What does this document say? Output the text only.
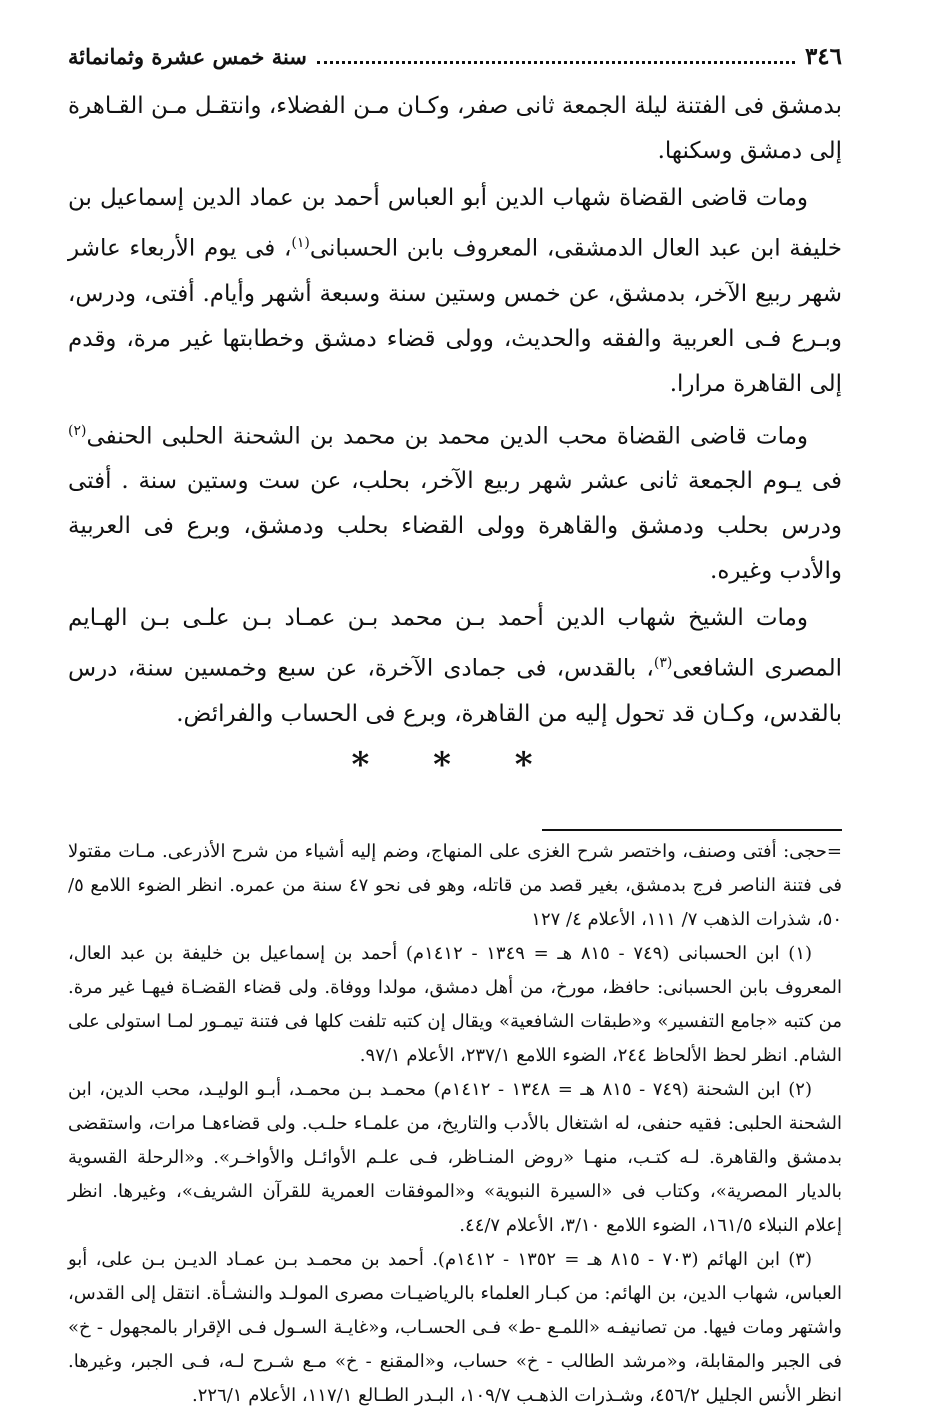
٣٤٦
سنة خمس عشرة وثمانمائة

بدمشق فى الفتنة ليلة الجمعة ثانى صفر، وكـان مـن الفضلاء، وانتقـل مـن القـاهرة إلى دمشق وسكنها.

ومات قاضى القضاة شهاب الدين أبو العباس أحمد بن عماد الدين إسماعيل بن خليفة ابن عبد العال الدمشقى، المعروف بابن الحسبانى$^{(١)}$، فى يوم الأربعاء عاشر شهر ربيع الآخر، بدمشق، عن خمس وستين سنة وسبعة أشهر وأيام. أفتى، ودرس، وبـرع فـى العربية والفقه والحديث، وولى قضاء دمشق وخطابتها غير مرة، وقدم إلى القاهرة مرارا.

ومات قاضى القضاة محب الدين محمد بن محمد بن الشحنة الحلبى الحنفى$^{(٢)}$ فى يـوم الجمعة ثانى عشر شهر ربيع الآخر، بحلب، عن ست وستين سنة . أفتى ودرس بحلب ودمشق والقاهرة وولى القضاء بحلب ودمشق، وبرع فى العربية والأدب وغيره.

ومات الشيخ شهاب الدين أحمد بـن محمد بـن عمـاد بـن علـى بـن الهـايم المصرى الشافعى$^{(٣)}$، بالقدس، فى جمادى الآخرة، عن سبع وخمسين سنة، درس بالقدس، وكـان قد تحول إليه من القاهرة، وبرع فى الحساب والفرائض.

* * *

=حجى: أفتى وصنف، واختصر شرح الغزى على المنهاج، وضم إليه أشياء من شرح الأذرعى. مـات مقتولا فى فتنة الناصر فرج بدمشق، بغير قصد من قاتله، وهو فى نحو ٤٧ سنة من عمره. انظر الضوء اللامع ٥/ ٥٠، شذرات الذهب ٧/ ١١١، الأعلام ٤/ ١٢٧

(١) ابن الحسبانى (٧٤٩ - ٨١٥ هـ = ١٣٤٩ - ١٤١٢م) أحمد بن إسماعيل بن خليفة بن عبد العال، المعروف بابن الحسبانى: حافظ، مورخ، من أهل دمشق، مولدا ووفاة. ولى قضاء القضـاة فيهـا غير مرة. من كتبه «جامع التفسير» و«طبقات الشافعية» ويقال إن كتبه تلفت كلها فى فتنة تيمـور لمـا استولى على الشام. انظر لحظ الألحاظ ٢٤٤، الضوء اللامع ٢٣٧/١، الأعلام ٩٧/١.

(٢) ابن الشحنة (٧٤٩ - ٨١٥ هـ = ١٣٤٨ - ١٤١٢م) محمـد بـن محمـد، أبـو الوليـد، محب الدين، ابن الشحنة الحلبى: فقيه حنفى، له اشتغال بالأدب والتاريخ، من علمـاء حلـب. ولى قضاءهـا مرات، واستقضى بدمشق والقاهرة. لـه كتـب، منهـا «روض المنـاظر، فـى علـم الأوائـل والأواخـر». و«الرحلة القسوية بالديار المصرية»، وكتاب فى «السيرة النبوية» و«الموفقات العمرية للقرآن الشريف»، وغيرها. انظر إعلام النبلاء ١٦١/٥، الضوء اللامع ٣/١٠، الأعلام ٤٤/٧.

(٣) ابن الهائم (٧٠٣ - ٨١٥ هـ = ١٣٥٢ - ١٤١٢م). أحمد بن محمـد بـن عمـاد الديـن بـن على، أبو العباس، شهاب الدين، بن الهائم: من كبـار العلماء بالرياضيـات مصرى المولـد والنشـأة. انتقل إلى القدس، واشتهر ومات فيها. من تصانيفـه «اللمـع -ط» فـى الحسـاب، و«غايـة السـول فـى الإقرار بالمجهول - خ» فى الجبر والمقابلة، و«مرشد الطالب - خ» حساب، و«المقنع - خ» مـع شـرح لـه، فـى الجبر، وغيرها. انظر الأنس الجليل ٤٥٦/٢، وشـذرات الذهـب ١٠٩/٧، البـدر الطـالع ١١٧/١، الأعلام ٢٢٦/١.
